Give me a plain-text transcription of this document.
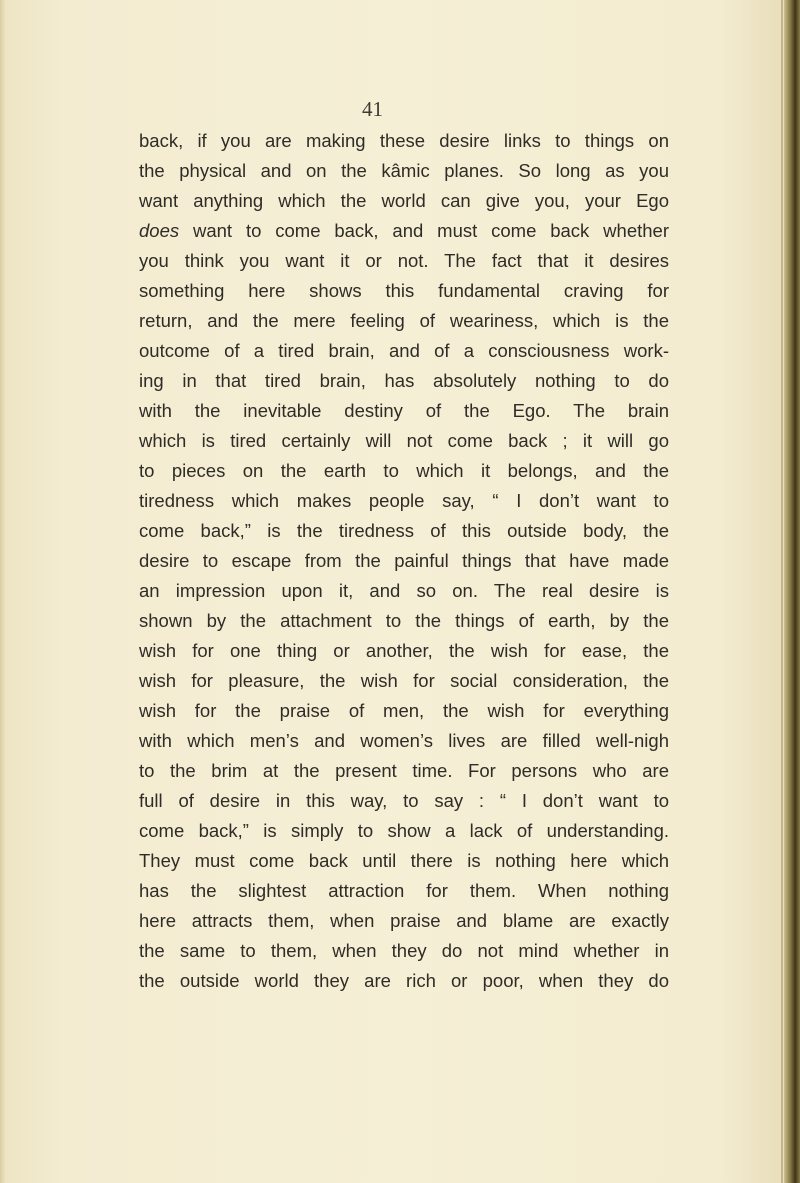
41
back, if you are making these desire links to things on
the physical and on the kâmic planes. So long as you
want anything which the world can give you, your Ego
does want to come back, and must come back whether
you think you want it or not. The fact that it desires
something here shows this fundamental craving for
return, and the mere feeling of weariness, which is the
outcome of a tired brain, and of a consciousness work-
ing in that tired brain, has absolutely nothing to do
with the inevitable destiny of the Ego. The brain
which is tired certainly will not come back ; it will go
to pieces on the earth to which it belongs, and the
tiredness which makes people say, “ I don’t want to
come back,” is the tiredness of this outside body, the
desire to escape from the painful things that have made
an impression upon it, and so on. The real desire is
shown by the attachment to the things of earth, by the
wish for one thing or another, the wish for ease, the
wish for pleasure, the wish for social consideration, the
wish for the praise of men, the wish for everything
with which men’s and women’s lives are filled well-nigh
to the brim at the present time. For persons who are
full of desire in this way, to say : “ I don’t want to
come back,” is simply to show a lack of understanding.
They must come back until there is nothing here which
has the slightest attraction for them. When nothing
here attracts them, when praise and blame are exactly
the same to them, when they do not mind whether in
the outside world they are rich or poor, when they do
